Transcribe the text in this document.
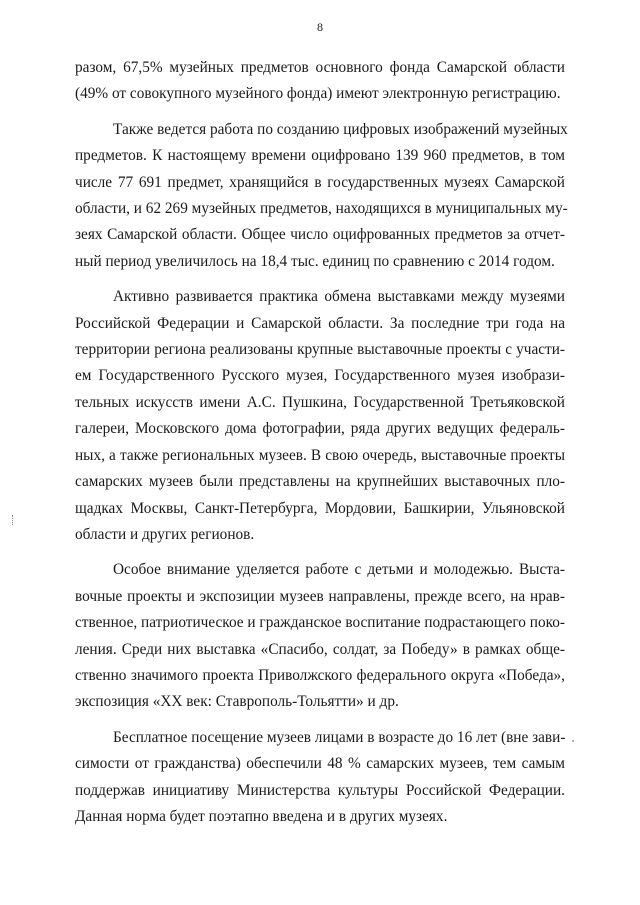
8
разом, 67,5% музейных предметов основного фонда Самарской области
(49% от совокупного музейного фонда) имеют электронную регистрацию.
Также ведется работа по созданию цифровых изображений музейных
предметов. К настоящему времени оцифровано 139 960 предметов, в том
числе 77 691 предмет, хранящийся в государственных музеях Самарской
области, и 62 269 музейных предметов, находящихся в муниципальных му-
зеях Самарской области. Общее число оцифрованных предметов за отчет-
ный период увеличилось на 18,4 тыс. единиц по сравнению с 2014 годом.
Активно развивается практика обмена выставками между музеями
Российской Федерации и Самарской области. За последние три года на
территории региона реализованы крупные выставочные проекты с участи-
ем Государственного Русского музея, Государственного музея изобрази-
тельных искусств имени А.С. Пушкина, Государственной Третьяковской
галереи, Московского дома фотографии, ряда других ведущих федераль-
ных, а также региональных музеев. В свою очередь, выставочные проекты
самарских музеев были представлены на крупнейших выставочных пло-
щадках Москвы, Санкт-Петербурга, Мордовии, Башкирии, Ульяновской
области и других регионов.
Особое внимание уделяется работе с детьми и молодежью. Выста-
вочные проекты и экспозиции музеев направлены, прежде всего, на нрав-
ственное, патриотическое и гражданское воспитание подрастающего поко-
ления. Среди них выставка «Спасибо, солдат, за Победу» в рамках обще-
ственно значимого проекта Приволжского федерального округа «Победа»,
экспозиция «XX век: Ставрополь-Тольятти» и др.
Бесплатное посещение музеев лицами в возрасте до 16 лет (вне зави-
симости от гражданства) обеспечили 48 % самарских музеев, тем самым
поддержав инициативу Министерства культуры Российской Федерации.
Данная норма будет поэтапно введена и в других музеях.
